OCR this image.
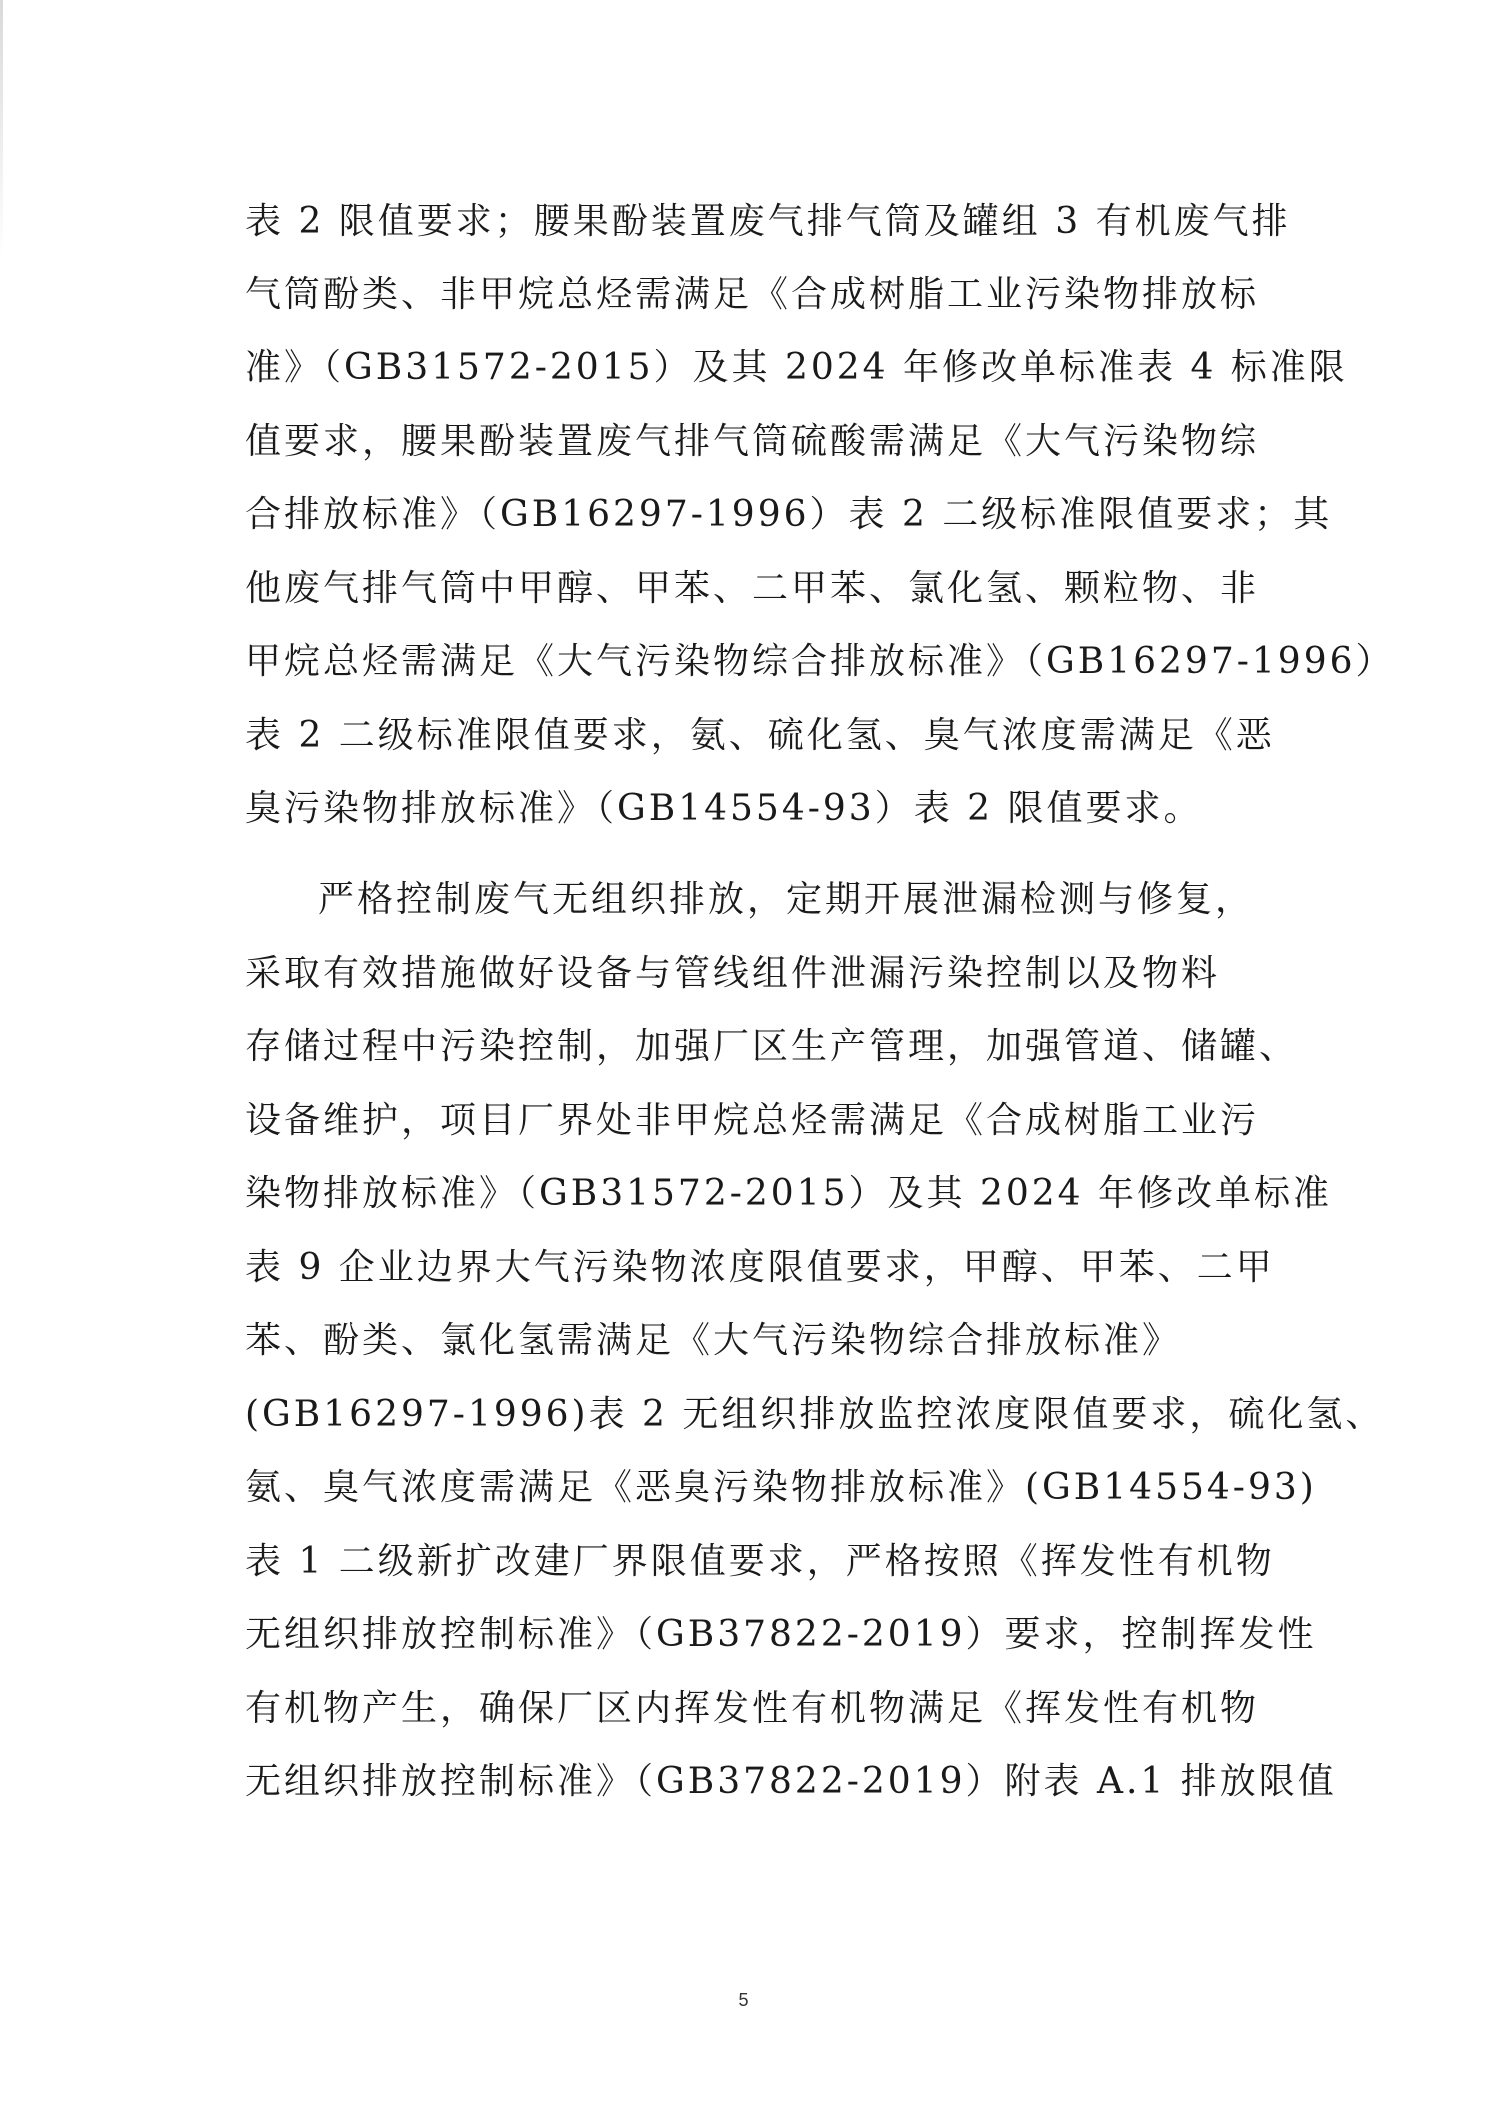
表 2 限值要求；腰果酚装置废气排气筒及罐组 3 有机废气排
气筒酚类、非甲烷总烃需满足《合成树脂工业污染物排放标
准》（GB31572-2015）及其 2024 年修改单标准表 4 标准限
值要求，腰果酚装置废气排气筒硫酸需满足《大气污染物综
合排放标准》（GB16297-1996）表 2 二级标准限值要求；其
他废气排气筒中甲醇、甲苯、二甲苯、氯化氢、颗粒物、非
甲烷总烃需满足《大气污染物综合排放标准》（GB16297-1996）
表 2 二级标准限值要求，氨、硫化氢、臭气浓度需满足《恶
臭污染物排放标准》（GB14554-93）表 2 限值要求。
严格控制废气无组织排放，定期开展泄漏检测与修复，
采取有效措施做好设备与管线组件泄漏污染控制以及物料
存储过程中污染控制，加强厂区生产管理，加强管道、储罐、
设备维护，项目厂界处非甲烷总烃需满足《合成树脂工业污
染物排放标准》（GB31572-2015）及其 2024 年修改单标准
表 9 企业边界大气污染物浓度限值要求，甲醇、甲苯、二甲
苯、酚类、氯化氢需满足《大气污染物综合排放标准》
(GB16297-1996)表 2 无组织排放监控浓度限值要求，硫化氢、
氨、臭气浓度需满足《恶臭污染物排放标准》(GB14554-93)
表 1 二级新扩改建厂界限值要求，严格按照《挥发性有机物
无组织排放控制标准》（GB37822-2019）要求，控制挥发性
有机物产生，确保厂区内挥发性有机物满足《挥发性有机物
无组织排放控制标准》（GB37822-2019）附表 A.1 排放限值
5
